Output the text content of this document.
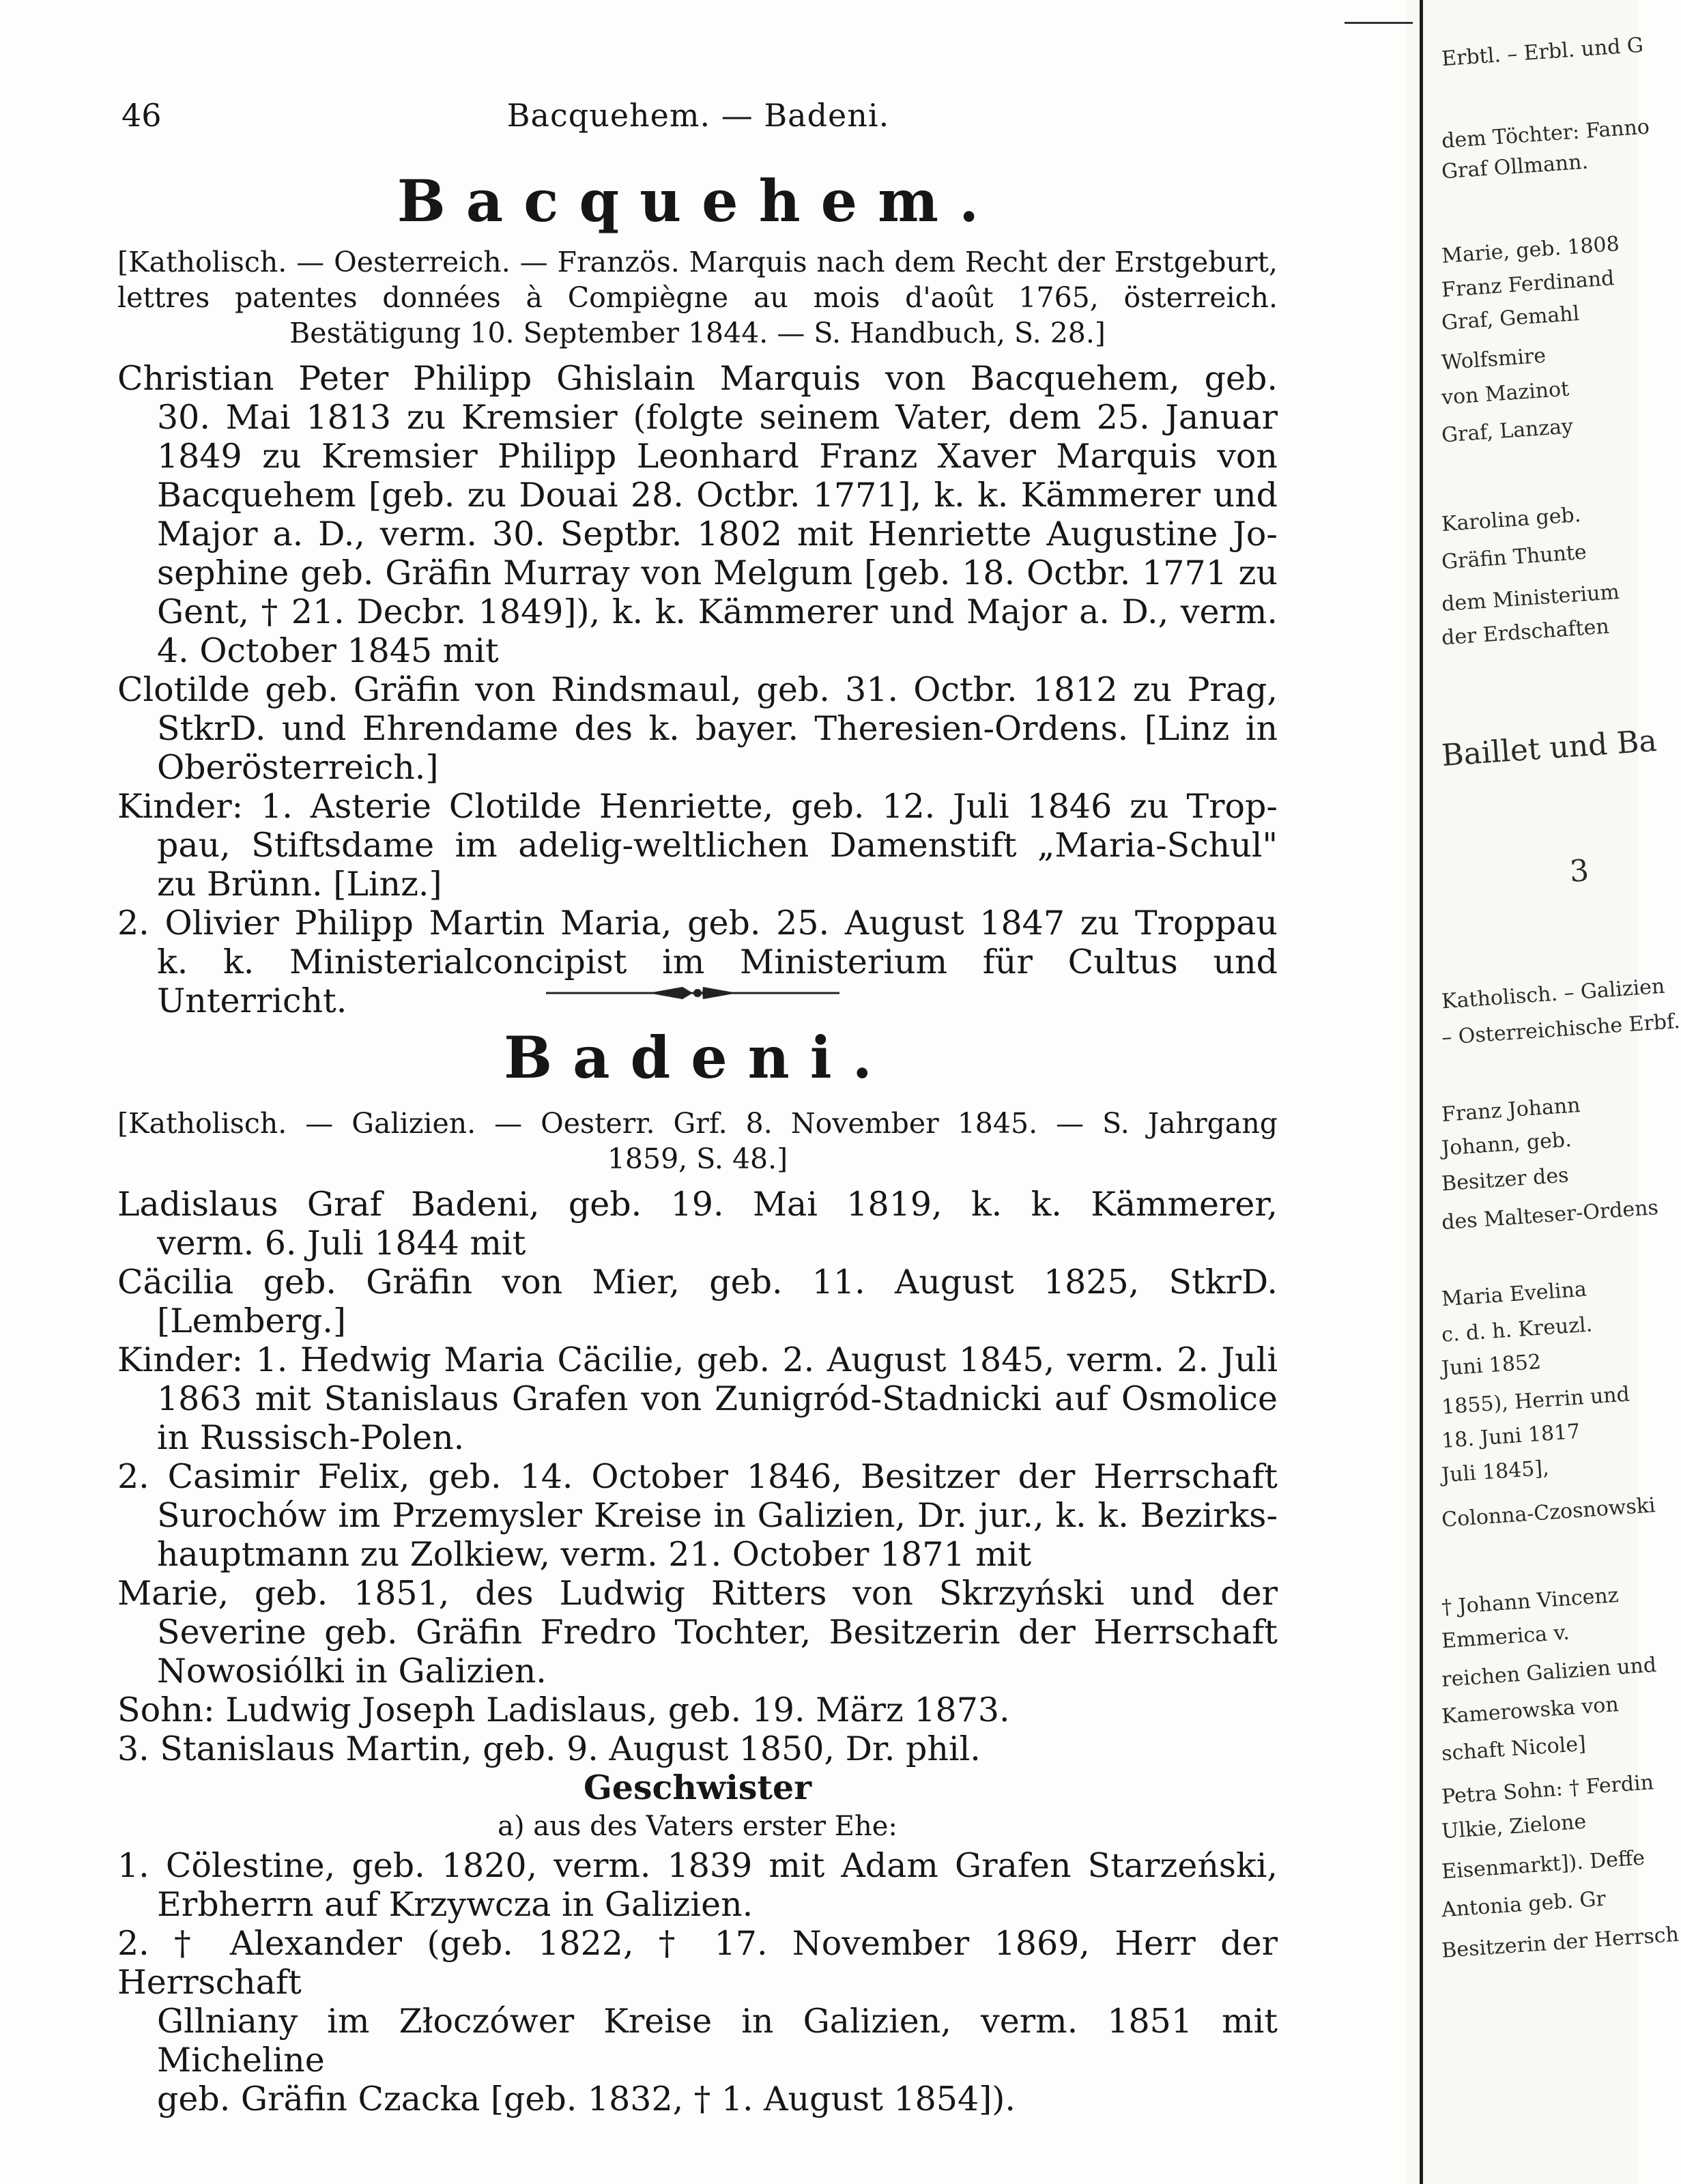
46	Bacquehem. — Badeni.
Bacquehem.
[Katholisch. — Oesterreich. — Französ. Marquis nach dem Recht der Erstgeburt,
lettres patentes données à Compiègne au mois d'août 1765, österreich.
Bestätigung 10. September 1844. — S. Handbuch, S. 28.]
Christian Peter Philipp Ghislain Marquis von Bacquehem, geb.
30. Mai 1813 zu Kremsier (folgte seinem Vater, dem 25. Januar
1849 zu Kremsier Philipp Leonhard Franz Xaver Marquis von
Bacquehem [geb. zu Douai 28. Octbr. 1771], k. k. Kämmerer und
Major a. D., verm. 30. Septbr. 1802 mit Henriette Augustine Jo-
sephine geb. Gräfin Murray von Melgum [geb. 18. Octbr. 1771 zu
Gent, † 21. Decbr. 1849]), k. k. Kämmerer und Major a. D., verm.
4. October 1845 mit
Clotilde geb. Gräfin von Rindsmaul, geb. 31. Octbr. 1812 zu Prag,
StkrD. und Ehrendame des k. bayer. Theresien-Ordens. [Linz in
Oberösterreich.]
Kinder: 1. Asterie Clotilde Henriette, geb. 12. Juli 1846 zu Trop-
pau, Stiftsdame im adelig-weltlichen Damenstift „Maria-Schul"
zu Brünn. [Linz.]
2. Olivier Philipp Martin Maria, geb. 25. August 1847 zu Troppau
k. k. Ministerialconcipist im Ministerium für Cultus und Unterricht.
Badeni.
[Katholisch. — Galizien. — Oesterr. Grf. 8. November 1845. — S. Jahrgang
1859, S. 48.]
Ladislaus Graf Badeni, geb. 19. Mai 1819, k. k. Kämmerer,
verm. 6. Juli 1844 mit
Cäcilia geb. Gräfin von Mier, geb. 11. August 1825, StkrD.
[Lemberg.]
Kinder: 1. Hedwig Maria Cäcilie, geb. 2. August 1845, verm. 2. Juli
1863 mit Stanislaus Grafen von Zunigród-Stadnicki auf Osmolice
in Russisch-Polen.
2. Casimir Felix, geb. 14. October 1846, Besitzer der Herrschaft
Surochów im Przemysler Kreise in Galizien, Dr. jur., k. k. Bezirks-
hauptmann zu Zolkiew, verm. 21. October 1871 mit
Marie, geb. 1851, des Ludwig Ritters von Skrzyński und der
Severine geb. Gräfin Fredro Tochter, Besitzerin der Herrschaft
Nowosiólki in Galizien.
Sohn: Ludwig Joseph Ladislaus, geb. 19. März 1873.
3. Stanislaus Martin, geb. 9. August 1850, Dr. phil.
Geschwister
a) aus des Vaters erster Ehe:
1. Cölestine, geb. 1820, verm. 1839 mit Adam Grafen Starzeński,
Erbherrn auf Krzywcza in Galizien.
2. † Alexander (geb. 1822, † 17. November 1869, Herr der Herrschaft
Gllniany im Złoczówer Kreise in Galizien, verm. 1851 mit Micheline
geb. Gräfin Czacka [geb. 1832, † 1. August 1854]).
Erbtl. – Erbl. und G
dem Töchter: Fanno
Graf Ollmann.
Marie, geb. 1808
Franz Ferdinand
Graf, Gemahl
Wolfsmire
von Mazinot
Graf, Lanzay
Karolina geb.
Gräfin Thunte
dem Ministerium
der Erdschaften
Baillet und Ba
3
Katholisch. – Galizien
– Osterreichische Erbf.
Franz Johann
Johann, geb.
Besitzer des
des Malteser-Ordens
Maria Evelina
c. d. h. Kreuzl.
Juni 1852
1855), Herrin und
18. Juni 1817
Juli 1845],
Colonna-Czosnowski
† Johann Vincenz
Emmerica v.
reichen Galizien und
Kamerowska von
schaft Nicole]
Petra Sohn: † Ferdin
Ulkie, Zielone
Eisenmarkt]). Deffe
Antonia geb. Gr
Besitzerin der Herrsch
